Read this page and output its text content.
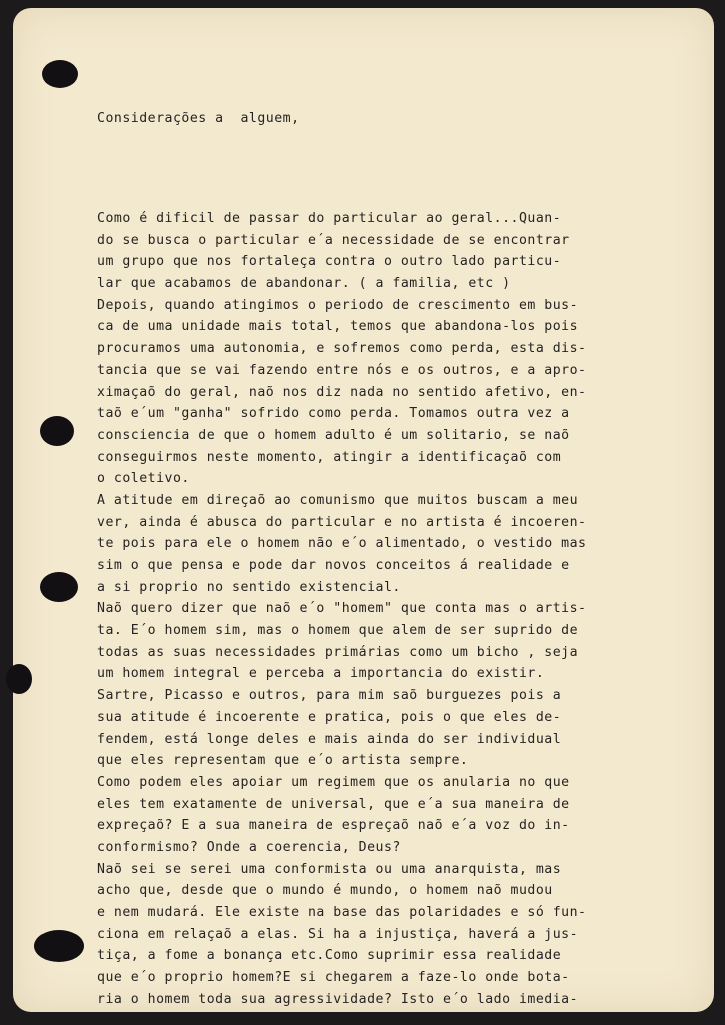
Considerações a  alguem,

Como é dificil de passar do particular ao geral...Quan-
do se busca o particular e´a necessidade de se encontrar
um grupo que nos fortaleça contra o outro lado particu-
lar que acabamos de abandonar. ( a familia, etc )
Depois, quando atingimos o periodo de crescimento em bus-
ca de uma unidade mais total, temos que abandona-los pois
procuramos uma autonomia, e sofremos como perda, esta dis-
tancia que se vai fazendo entre nós e os outros, e a apro-
ximaçaõ do geral, naõ nos diz nada no sentido afetivo, en-
taõ e´um "ganha" sofrido como perda. Tomamos outra vez a
consciencia de que o homem adulto é um solitario, se naõ
conseguirmos neste momento, atingir a identificaçaõ com
o coletivo.
A atitude em direçaõ ao comunismo que muitos buscam a meu
ver, ainda é abusca do particular e no artista é incoeren-
te pois para ele o homem não e´o alimentado, o vestido mas
sim o que pensa e pode dar novos conceitos á realidade e
a si proprio no sentido existencial.
Naõ quero dizer que naõ e´o "homem" que conta mas o artis-
ta. E´o homem sim, mas o homem que alem de ser suprido de
todas as suas necessidades primárias como um bicho , seja
um homem integral e perceba a importancia do existir.
Sartre, Picasso e outros, para mim saõ burguezes pois a
sua atitude é incoerente e pratica, pois o que eles de-
fendem, está longe deles e mais ainda do ser individual
que eles representam que e´o artista sempre.
Como podem eles apoiar um regimem que os anularia no que
eles tem exatamente de universal, que e´a sua maneira de
expreçaõ? E a sua maneira de espreçaõ naõ e´a voz do in-
conformismo? Onde a coerencia, Deus?
Naõ sei se serei uma conformista ou uma anarquista, mas
acho que, desde que o mundo é mundo, o homem naõ mudou
e nem mudará. Ele existe na base das polaridades e só fun-
ciona em relaçaõ a elas. Si ha a injustiça, haverá a jus-
tiça, a fome a bonança etc.Como suprimir essa realidade
que e´o proprio homem?E si chegarem a faze-lo onde bota-
ria o homem toda sua agressividade? Isto e´o lado imedia-
